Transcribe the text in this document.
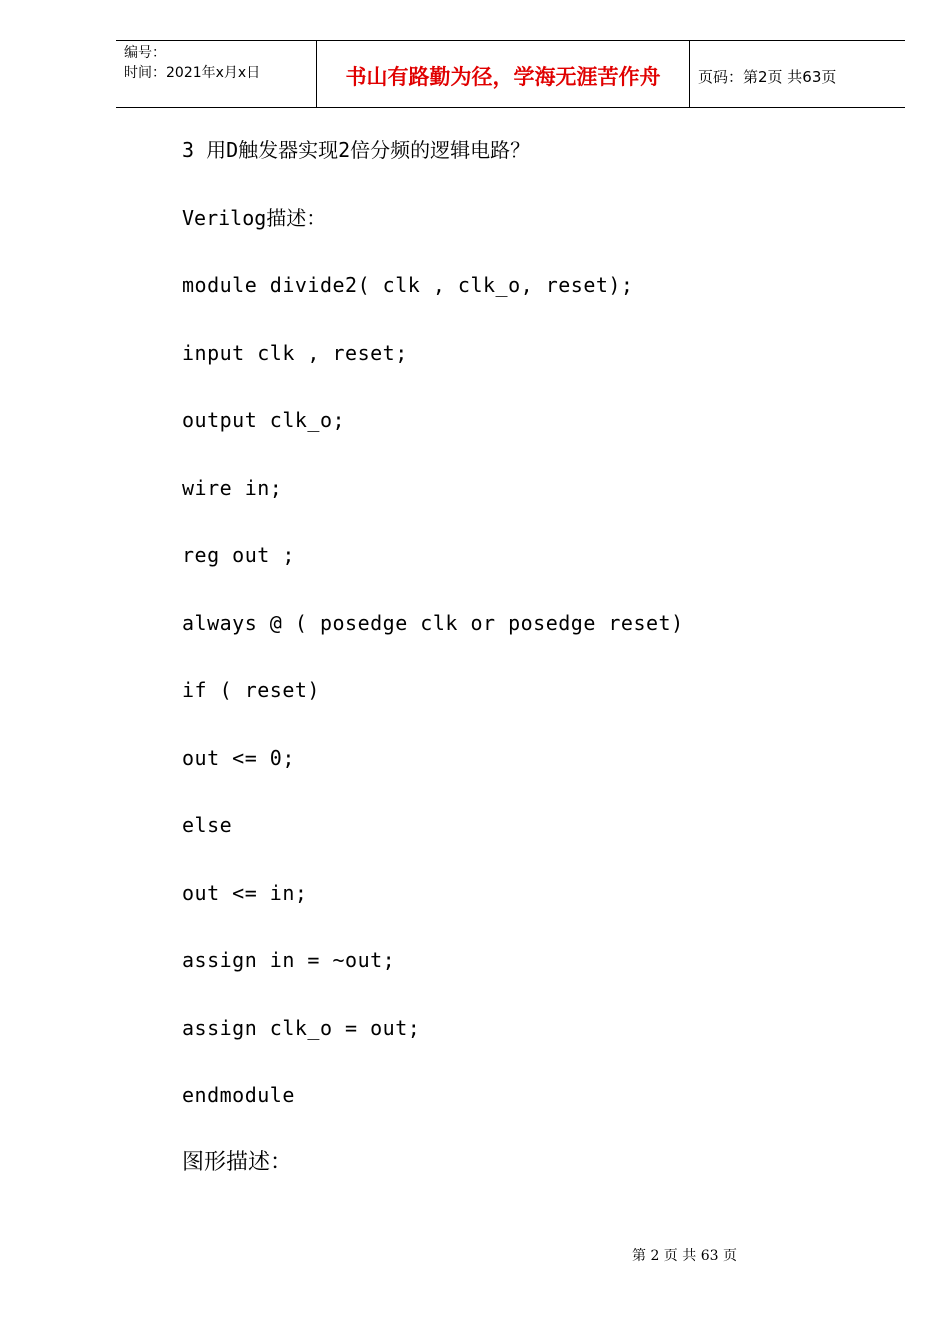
编号：
时间：2021年x月x日	书山有路勤为径，学海无涯苦作舟	页码：第2页 共63页
3 用D触发器实现2倍分频的逻辑电路？
Verilog描述：
module divide2( clk , clk_o, reset);
input clk , reset;
output clk_o;
wire in;
reg out ;
always @ ( posedge clk or posedge reset)
if ( reset)
out <= 0;
else
out <= in;
assign in = ~out;
assign clk_o = out;
endmodule
图形描述：
第 2 页 共 63 页
